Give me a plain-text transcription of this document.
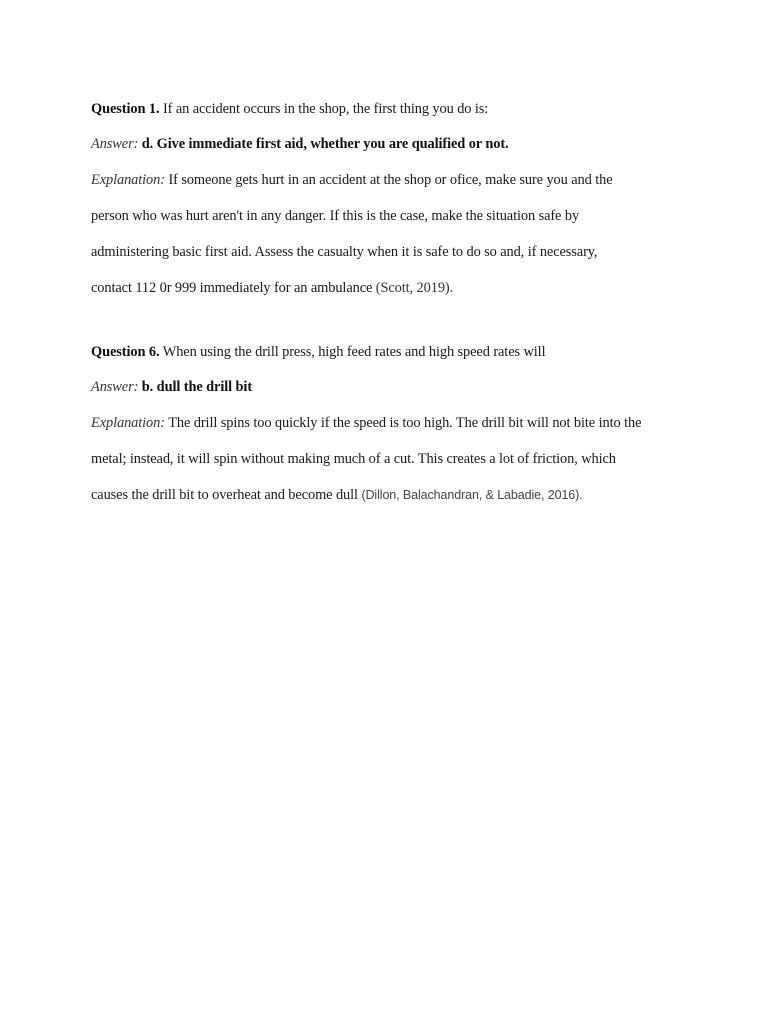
Question 1. If an accident occurs in the shop, the first thing you do is:
Answer: d. Give immediate first aid, whether you are qualified or not.
Explanation: If someone gets hurt in an accident at the shop or ofice, make sure you and the
person who was hurt aren't in any danger. If this is the case, make the situation safe by
administering basic first aid. Assess the casualty when it is safe to do so and, if necessary,
contact 112 0r 999 immediately for an ambulance (Scott, 2019).
Question 6. When using the drill press, high feed rates and high speed rates will
Answer: b. dull the drill bit
Explanation: The drill spins too quickly if the speed is too high. The drill bit will not bite into the
metal; instead, it will spin without making much of a cut. This creates a lot of friction, which
causes the drill bit to overheat and become dull (Dillon, Balachandran, & Labadie, 2016).
